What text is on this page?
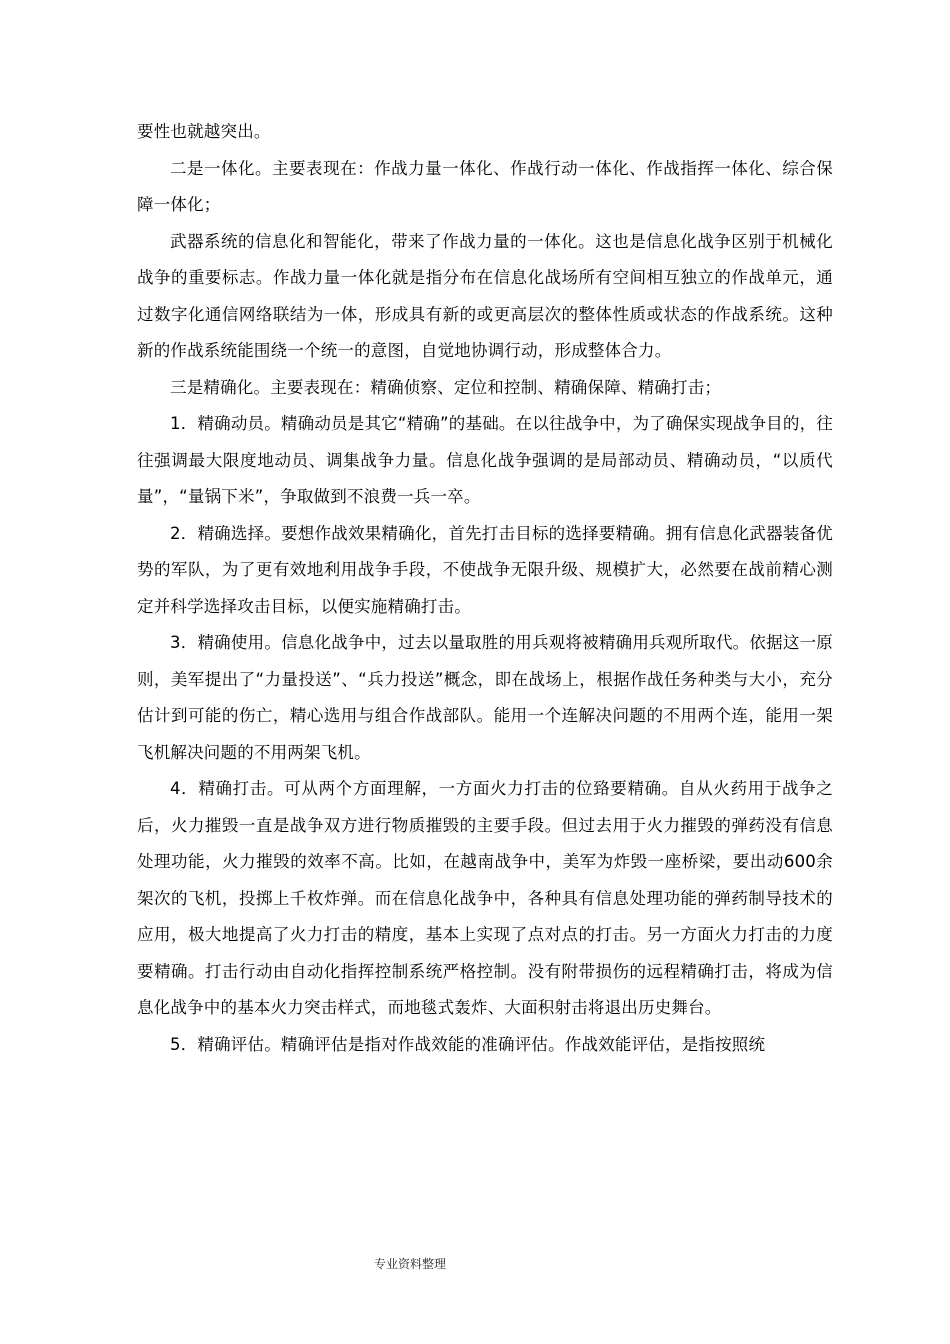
要性也就越突出。

二是一体化。主要表现在：作战力量一体化、作战行动一体化、作战指挥一体化、综合保障一体化；

武器系统的信息化和智能化，带来了作战力量的一体化。这也是信息化战争区别于机械化战争的重要标志。作战力量一体化就是指分布在信息化战场所有空间相互独立的作战单元，通过数字化通信网络联结为一体，形成具有新的或更高层次的整体性质或状态的作战系统。这种新的作战系统能围绕一个统一的意图，自觉地协调行动，形成整体合力。

三是精确化。主要表现在：精确侦察、定位和控制、精确保障、精确打击；

1．精确动员。精确动员是其它“精确”的基础。在以往战争中，为了确保实现战争目的，往往强调最大限度地动员、调集战争力量。信息化战争强调的是局部动员、精确动员，“以质代量”，“量锅下米”，争取做到不浪费一兵一卒。

2．精确选择。要想作战效果精确化，首先打击目标的选择要精确。拥有信息化武器装备优势的军队，为了更有效地利用战争手段，不使战争无限升级、规模扩大，必然要在战前精心测定并科学选择攻击目标，以便实施精确打击。

3．精确使用。信息化战争中，过去以量取胜的用兵观将被精确用兵观所取代。依据这一原则，美军提出了“力量投送”、“兵力投送”概念，即在战场上，根据作战任务种类与大小，充分估计到可能的伤亡，精心选用与组合作战部队。能用一个连解决问题的不用两个连，能用一架飞机解决问题的不用两架飞机。

4．精确打击。可从两个方面理解，一方面火力打击的位臵要精确。自从火药用于战争之后，火力摧毁一直是战争双方进行物质摧毁的主要手段。但过去用于火力摧毁的弹药没有信息处理功能，火力摧毁的效率不高。比如，在越南战争中，美军为炸毁一座桥梁，要出动600余架次的飞机，投掷上千枚炸弹。而在信息化战争中，各种具有信息处理功能的弹药制导技术的应用，极大地提高了火力打击的精度，基本上实现了点对点的打击。另一方面火力打击的力度要精确。打击行动由自动化指挥控制系统严格控制。没有附带损伤的远程精确打击，将成为信息化战争中的基本火力突击样式，而地毯式轰炸、大面积射击将退出历史舞台。

5．精确评估。精确评估是指对作战效能的准确评估。作战效能评估，是指按照统

专业资料整理
